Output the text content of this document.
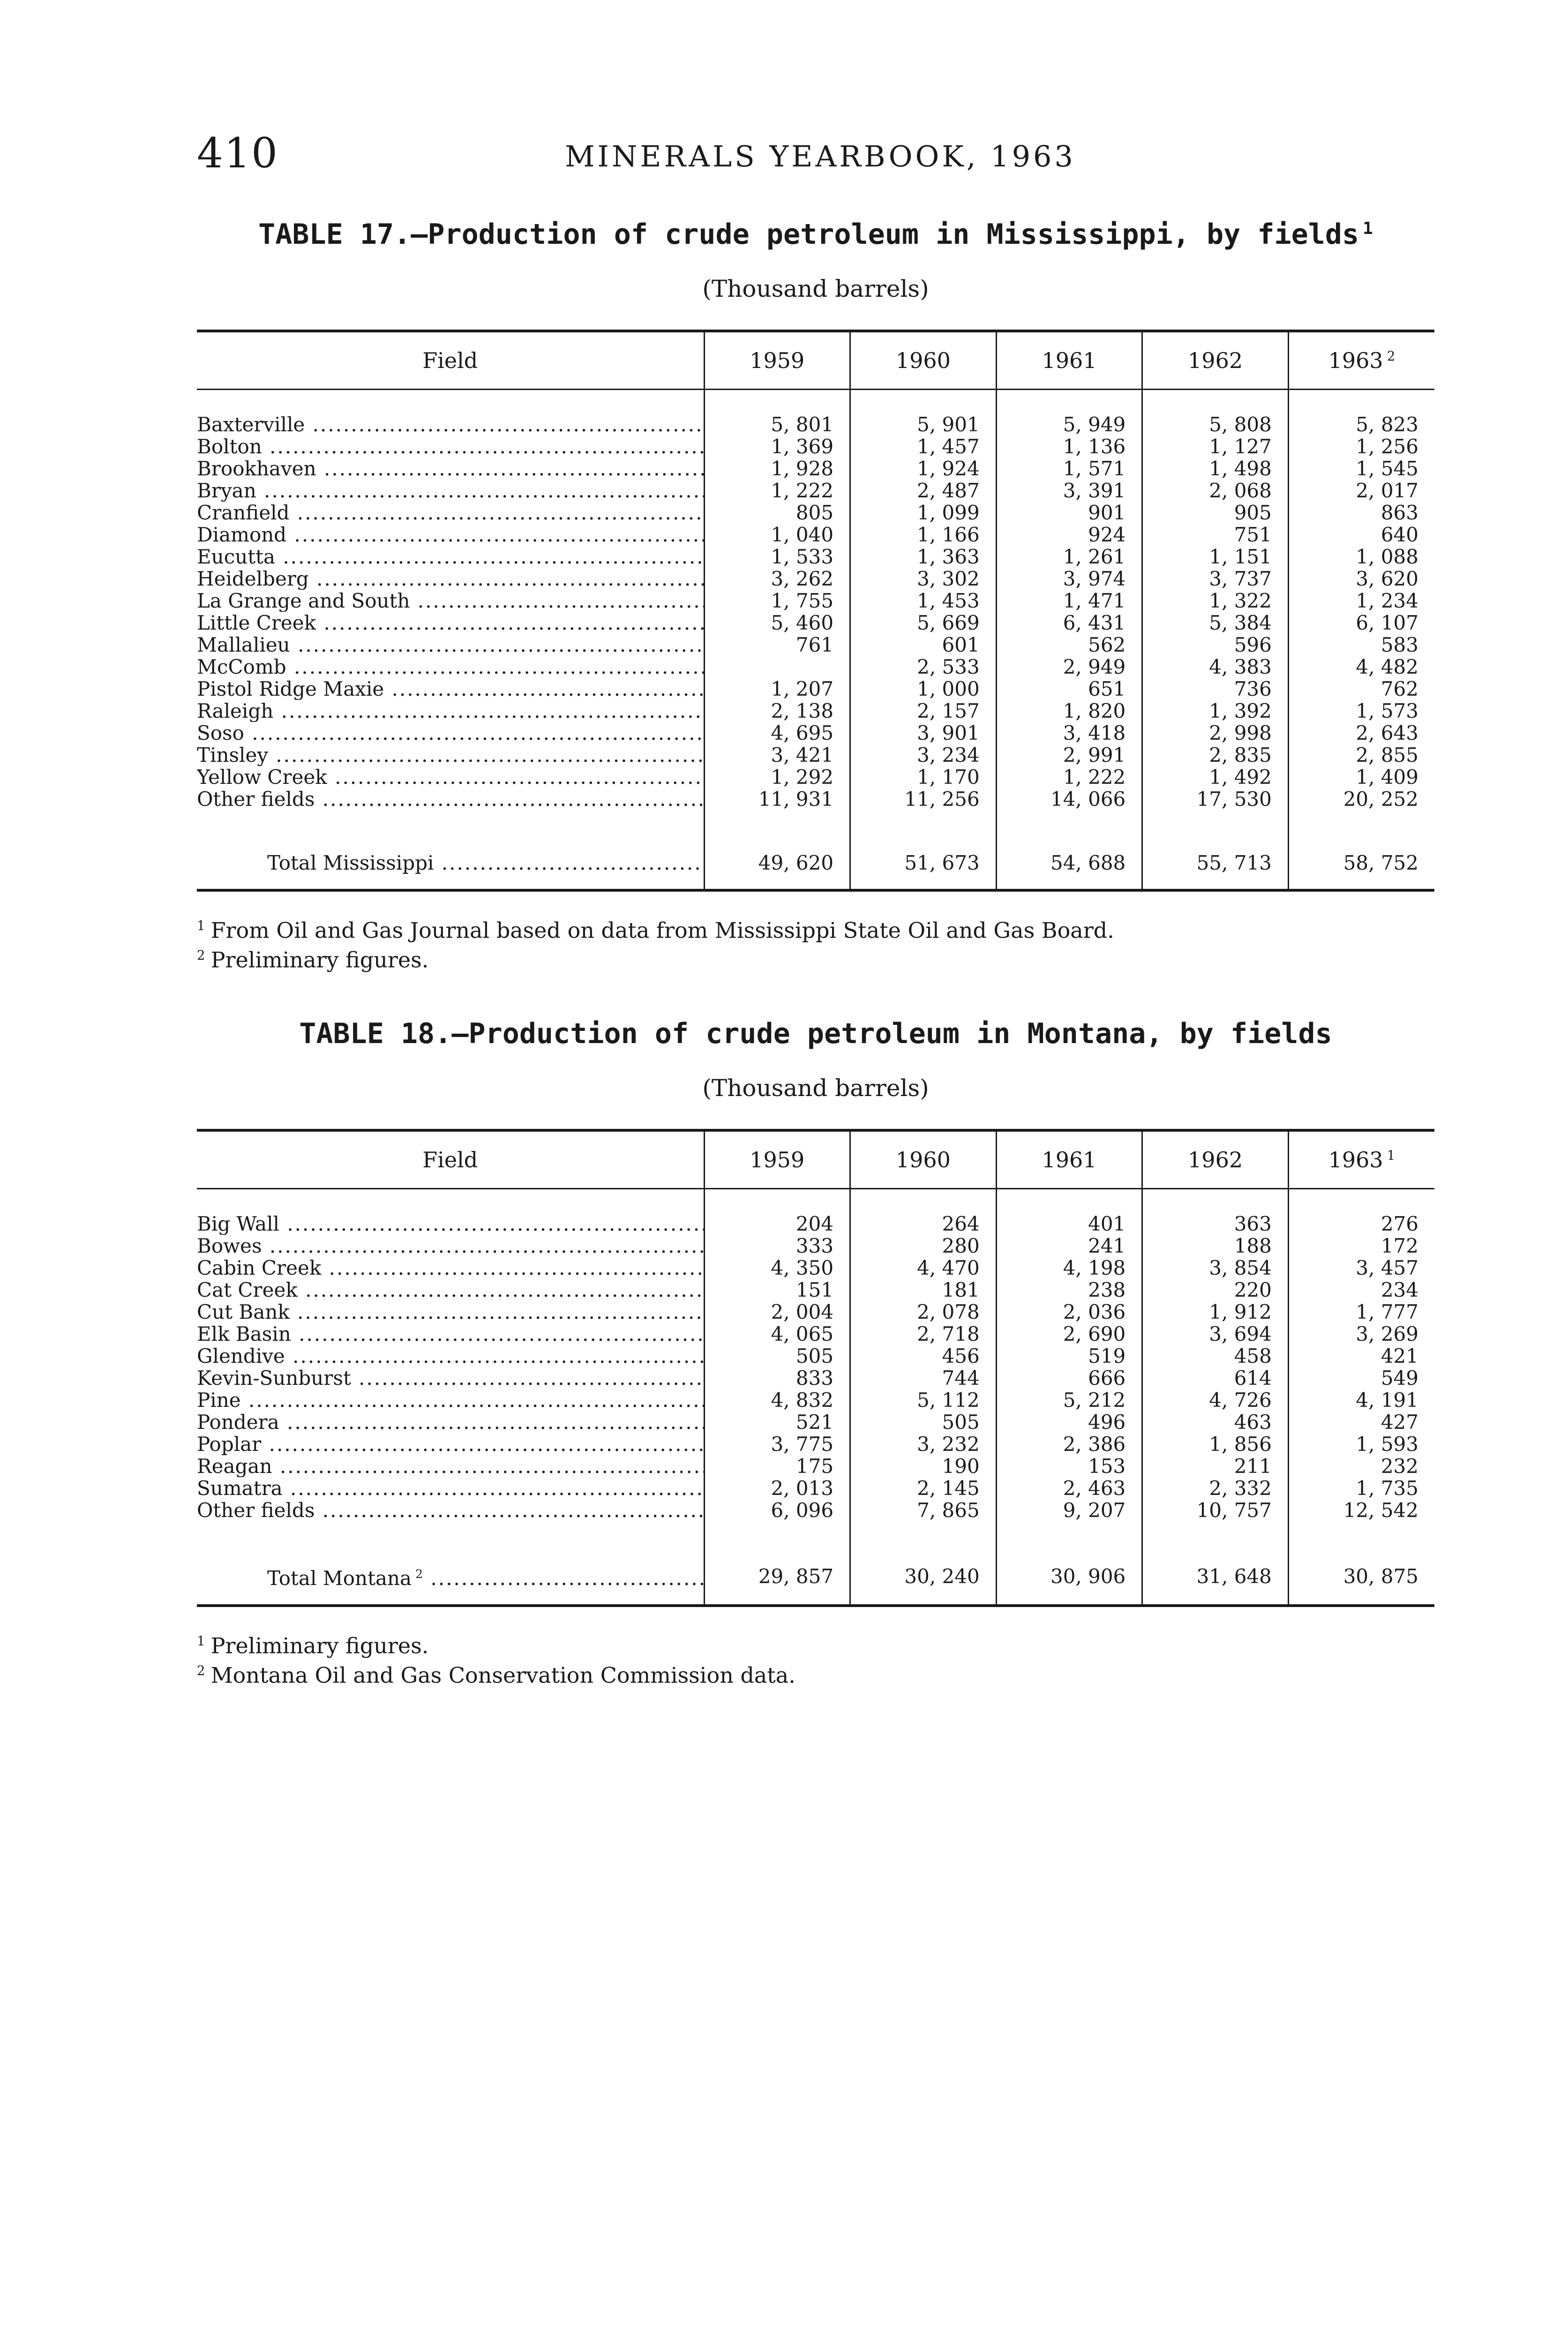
410	MINERALS YEARBOOK, 1963
TABLE 17.—Production of crude petroleum in Mississippi, by fields $^1$
(Thousand barrels)
Field	1959	1960	1961	1962	1963 $^2$

Baxterville .....	5, 801	5, 901	5, 949	5, 808	5, 823
Bolton .....	1, 369	1, 457	1, 136	1, 127	1, 256
Brookhaven .....	1, 928	1, 924	1, 571	1, 498	1, 545
Bryan .....	1, 222	2, 487	3, 391	2, 068	2, 017
Cranfield .....	805	1, 099	901	905	863
Diamond .....	1, 040	1, 166	924	751	640
Eucutta .....	1, 533	1, 363	1, 261	1, 151	1, 088
Heidelberg .....	3, 262	3, 302	3, 974	3, 737	3, 620
La Grange and South .....	1, 755	1, 453	1, 471	1, 322	1, 234
Little Creek .....	5, 460	5, 669	6, 431	5, 384	6, 107
Mallalieu .....	761	601	562	596	583
McComb .....		2, 533	2, 949	4, 383	4, 482
Pistol Ridge Maxie .....	1, 207	1, 000	651	736	762
Raleigh .....	2, 138	2, 157	1, 820	1, 392	1, 573
Soso .....	4, 695	3, 901	3, 418	2, 998	2, 643
Tinsley .....	3, 421	3, 234	2, 991	2, 835	2, 855
Yellow Creek .....	1, 292	1, 170	1, 222	1, 492	1, 409
Other fields .....	11, 931	11, 256	14, 066	17, 530	20, 252

Total Mississippi .....	49, 620	51, 673	54, 688	55, 713	58, 752
$^1$ From Oil and Gas Journal based on data from Mississippi State Oil and Gas Board.
$^2$ Preliminary figures.
TABLE 18.—Production of crude petroleum in Montana, by fields
(Thousand barrels)
Field	1959	1960	1961	1962	1963 $^1$

Big Wall .....	204	264	401	363	276
Bowes .....	333	280	241	188	172
Cabin Creek .....	4, 350	4, 470	4, 198	3, 854	3, 457
Cat Creek .....	151	181	238	220	234
Cut Bank .....	2, 004	2, 078	2, 036	1, 912	1, 777
Elk Basin .....	4, 065	2, 718	2, 690	3, 694	3, 269
Glendive .....	505	456	519	458	421
Kevin-Sunburst .....	833	744	666	614	549
Pine .....	4, 832	5, 112	5, 212	4, 726	4, 191
Pondera .....	521	505	496	463	427
Poplar .....	3, 775	3, 232	2, 386	1, 856	1, 593
Reagan .....	175	190	153	211	232
Sumatra .....	2, 013	2, 145	2, 463	2, 332	1, 735
Other fields .....	6, 096	7, 865	9, 207	10, 757	12, 542

Total Montana $^2$ .....	29, 857	30, 240	30, 906	31, 648	30, 875
$^1$ Preliminary figures.
$^2$ Montana Oil and Gas Conservation Commission data.
